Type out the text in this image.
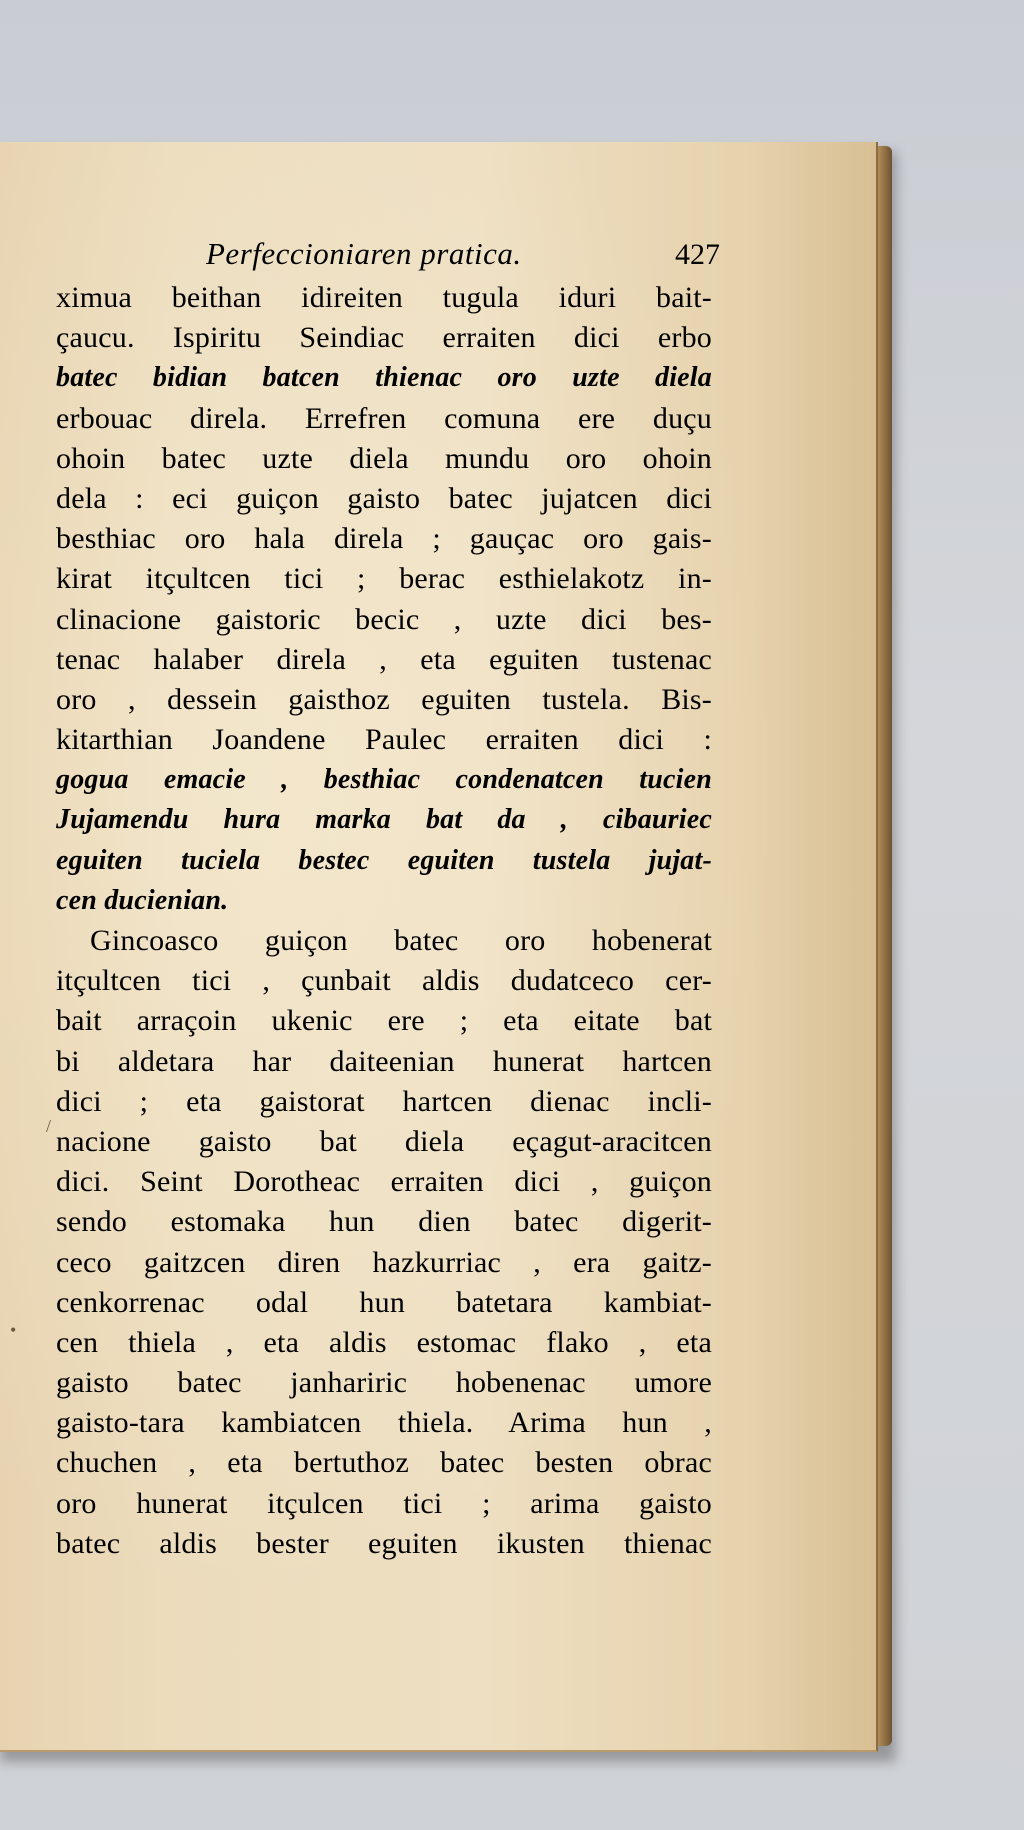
Perfeccioniaren pratica.	427
ximua beithan idireiten tugula iduri bait-
çaucu. Ispiritu Seindiac erraiten dici erbo
batec bidian batcen thienac oro uzte diela
erbouac direla. Errefren comuna ere duçu
ohoin batec uzte diela mundu oro ohoin
dela : eci guiçon gaisto batec jujatcen dici
besthiac oro hala direla ; gauçac oro gais-
kirat itçultcen tici ; berac esthielakotz in-
clinacione gaistoric becic , uzte dici bes-
tenac halaber direla , eta eguiten tustenac
oro , dessein gaisthoz eguiten tustela. Bis-
kitarthian Joandene Paulec erraiten dici :
gogua emacie , besthiac condenatcen tucien
Jujamendu hura marka bat da , cibauriec
eguiten tuciela bestec eguiten tustela jujat-
cen ducienian.
Gincoasco guiçon batec oro hobenerat
itçultcen tici , çunbait aldis dudatceco cer-
bait arraçoin ukenic ere ; eta eitate bat
bi aldetara har daiteenian hunerat hartcen
dici ; eta gaistorat hartcen dienac incli-
nacione gaisto bat diela eçagut-aracitcen
dici. Seint Dorotheac erraiten dici , guiçon
sendo estomaka hun dien batec digerit-
ceco gaitzcen diren hazkurriac , era gaitz-
cenkorrenac odal hun batetara kambiat-
cen thiela , eta aldis estomac flako , eta
gaisto batec janhariric hobenenac umore
gaisto-tara kambiatcen thiela. Arima hun ,
chuchen , eta bertuthoz batec besten obrac
oro hunerat itçulcen tici ; arima gaisto
batec aldis bester eguiten ikusten thienac
/
•
